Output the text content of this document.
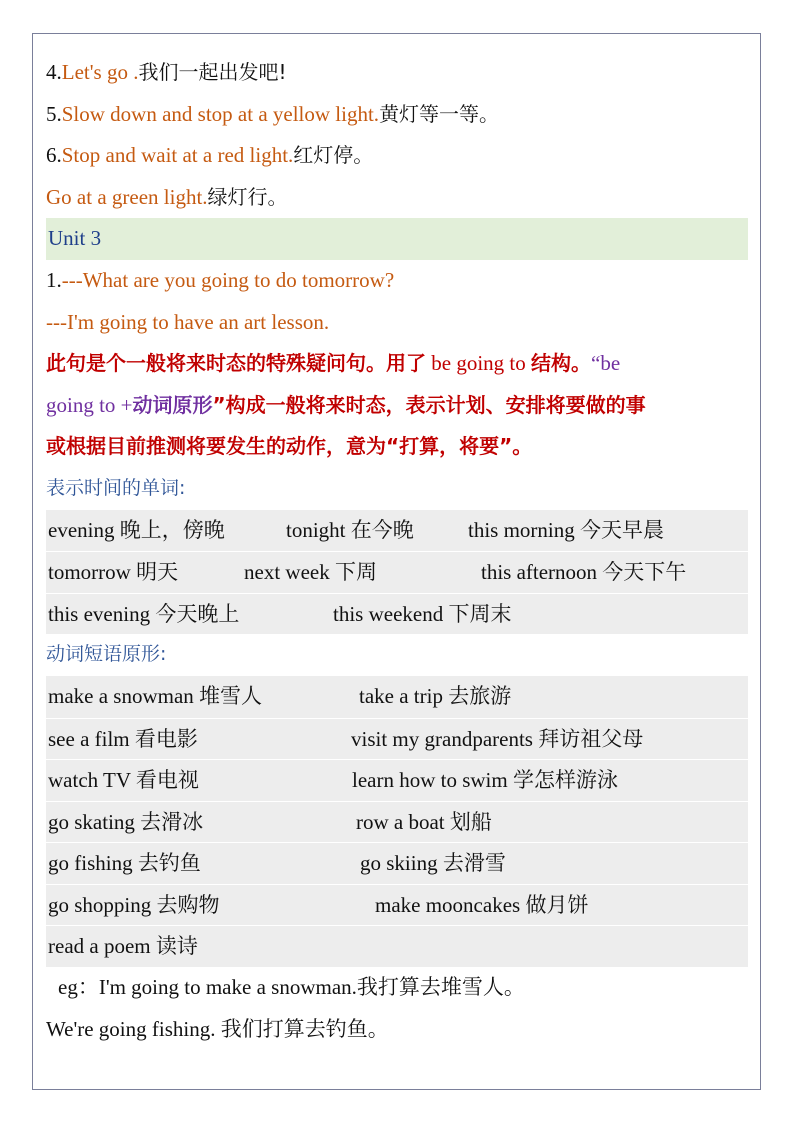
4.Let's go .我们一起出发吧!
5.Slow down and stop at a yellow light.黄灯等一等。
6.Stop and wait at a red light.红灯停。
Go at a green light.绿灯行。
Unit 3
1.---What are you going to do tomorrow?
---I'm going to have an art lesson.
此句是个一般将来时态的特殊疑问句。用了 be going to 结构。“be
going to +动词原形”构成一般将来时态，表示计划、安排将要做的事
或根据目前推测将要发生的动作，意为“打算，将要”。
表示时间的单词:
evening 晚上，傍晚	tonight 在今晚	this morning 今天早晨
tomorrow 明天	next week 下周	this afternoon 今天下午
this evening 今天晚上	this weekend 下周末
动词短语原形:
make a snowman 堆雪人	take a trip 去旅游
see a film 看电影	visit my grandparents 拜访祖父母
watch TV 看电视	learn how to swim 学怎样游泳
go skating 去滑冰	row a boat 划船
go fishing 去钓鱼	go skiing 去滑雪
go shopping 去购物	make mooncakes 做月饼
read a poem 读诗
eg：I'm going to make a snowman.我打算去堆雪人。
We're going fishing. 我们打算去钓鱼。
